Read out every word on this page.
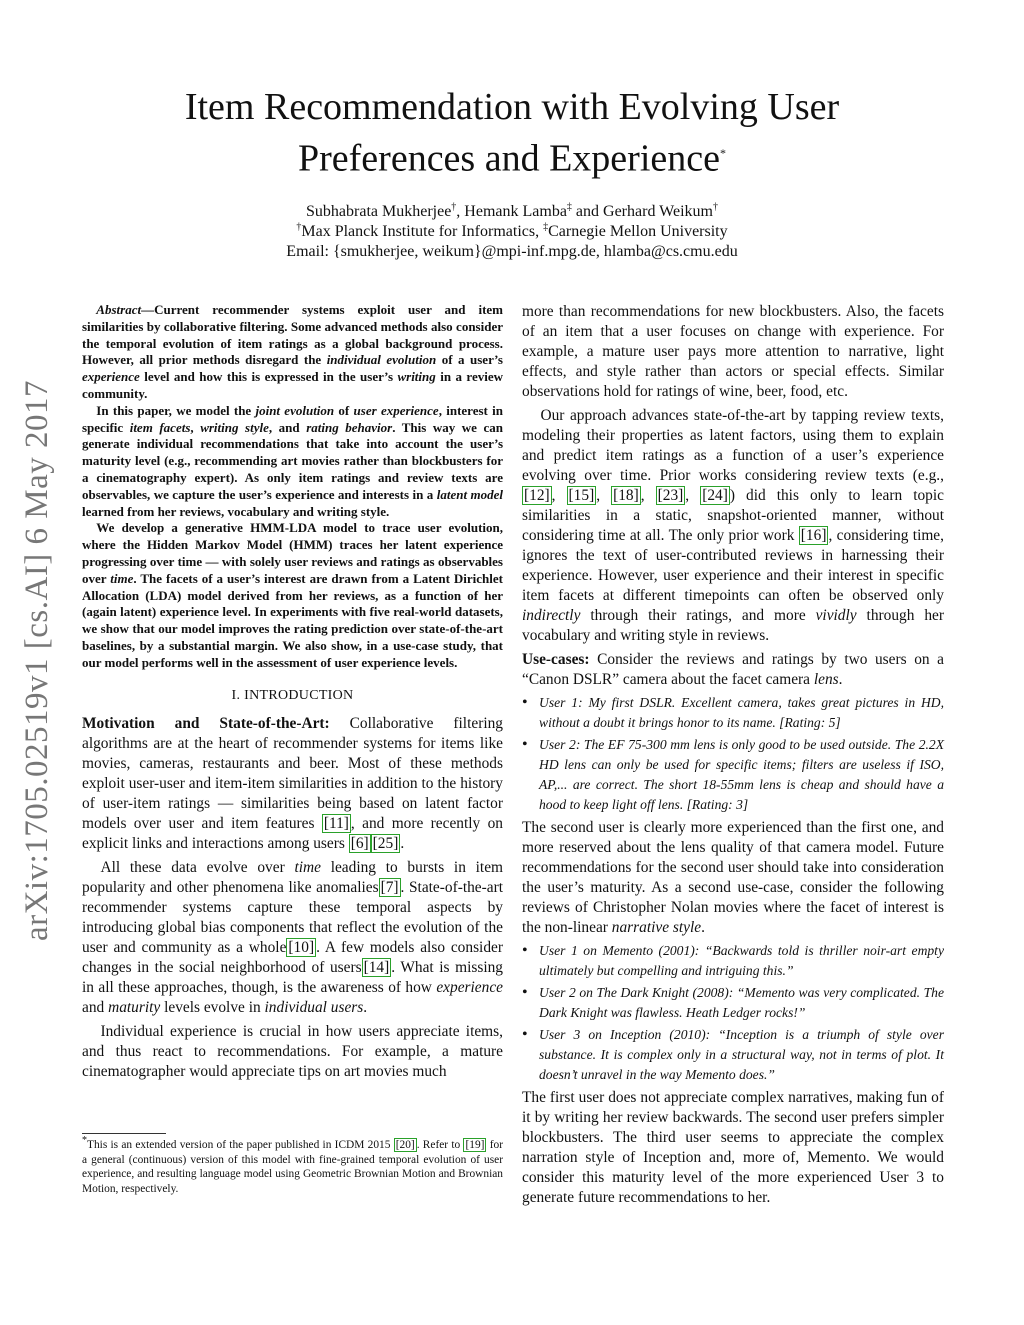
arXiv:1705.02519v1 [cs.AI] 6 May 2017
Item Recommendation with Evolving User
Preferences and Experience*
Subhabrata Mukherjee†, Hemank Lamba‡ and Gerhard Weikum†
†Max Planck Institute for Informatics, ‡Carnegie Mellon University
Email: {smukherjee, weikum}@mpi-inf.mpg.de, hlamba@cs.cmu.edu

Abstract—Current recommender systems exploit user and item similarities by collaborative filtering. Some advanced methods also consider the temporal evolution of item ratings as a global background process. However, all prior methods disregard the individual evolution of a user’s experience level and how this is expressed in the user’s writing in a review community.

In this paper, we model the joint evolution of user experience, interest in specific item facets, writing style, and rating behavior. This way we can generate individual recommendations that take into account the user’s maturity level (e.g., recommending art movies rather than blockbusters for a cinematography expert). As only item ratings and review texts are observables, we capture the user’s experience and interests in a latent model learned from her reviews, vocabulary and writing style.

We develop a generative HMM-LDA model to trace user evolution, where the Hidden Markov Model (HMM) traces her latent experience progressing over time — with solely user reviews and ratings as observables over time. The facets of a user’s interest are drawn from a Latent Dirichlet Allocation (LDA) model derived from her reviews, as a function of her (again latent) experience level. In experiments with five real-world datasets, we show that our model improves the rating prediction over state-of-the-art baselines, by a substantial margin. We also show, in a use-case study, that our model performs well in the assessment of user experience levels.

I. INTRODUCTION

Motivation and State-of-the-Art: Collaborative filtering algorithms are at the heart of recommender systems for items like movies, cameras, restaurants and beer. Most of these methods exploit user-user and item-item similarities in addition to the history of user-item ratings — similarities being based on latent factor models over user and item features [11] , and more recently on explicit links and interactions among users [6] [25] .

All these data evolve over time leading to bursts in item popularity and other phenomena like anomalies [7] . State-of-the-art recommender systems capture these temporal aspects by introducing global bias components that reflect the evolution of the user and community as a whole [10] . A few models also consider changes in the social neighborhood of users [14] . What is missing in all these approaches, though, is the awareness of how experience and maturity levels evolve in individual users.

Individual experience is crucial in how users appreciate items, and thus react to recommendations. For example, a mature cinematographer would appreciate tips on art movies much

*This is an extended version of the paper published in ICDM 2015 [20] . Refer to [19] for a general (continuous) version of this model with fine-grained temporal evolution of user experience, and resulting language model using Geometric Brownian Motion and Brownian Motion, respectively.

more than recommendations for new blockbusters. Also, the facets of an item that a user focuses on change with experience. For example, a mature user pays more attention to narrative, light effects, and style rather than actors or special effects. Similar observations hold for ratings of wine, beer, food, etc.

Our approach advances state-of-the-art by tapping review texts, modeling their properties as latent factors, using them to explain and predict item ratings as a function of a user’s experience evolving over time. Prior works considering review texts (e.g., [12] , [15] , [18] , [23] , [24] ) did this only to learn topic similarities in a static, snapshot-oriented manner, without considering time at all. The only prior work [16] , considering time, ignores the text of user-contributed reviews in harnessing their experience. However, user experience and their interest in specific item facets at different timepoints can often be observed only indirectly through their ratings, and more vividly through her vocabulary and writing style in reviews.

Use-cases: Consider the reviews and ratings by two users on a “Canon DSLR” camera about the facet camera lens.

• User 1: My first DSLR. Excellent camera, takes great pictures in HD, without a doubt it brings honor to its name. [Rating: 5]
• User 2: The EF 75-300 mm lens is only good to be used outside. The 2.2X HD lens can only be used for specific items; filters are useless if ISO, AP,... are correct. The short 18-55mm lens is cheap and should have a hood to keep light off lens. [Rating: 3]

The second user is clearly more experienced than the first one, and more reserved about the lens quality of that camera model. Future recommendations for the second user should take into consideration the user’s maturity. As a second use-case, consider the following reviews of Christopher Nolan movies where the facet of interest is the non-linear narrative style.

• User 1 on Memento (2001): “Backwards told is thriller noir-art empty ultimately but compelling and intriguing this.”
• User 2 on The Dark Knight (2008): “Memento was very complicated. The Dark Knight was flawless. Heath Ledger rocks!”
• User 3 on Inception (2010): “Inception is a triumph of style over substance. It is complex only in a structural way, not in terms of plot. It doesn’t unravel in the way Memento does.”

The first user does not appreciate complex narratives, making fun of it by writing her review backwards. The second user prefers simpler blockbusters. The third user seems to appreciate the complex narration style of Inception and, more of, Memento. We would consider this maturity level of the more experienced User 3 to generate future recommendations to her.
